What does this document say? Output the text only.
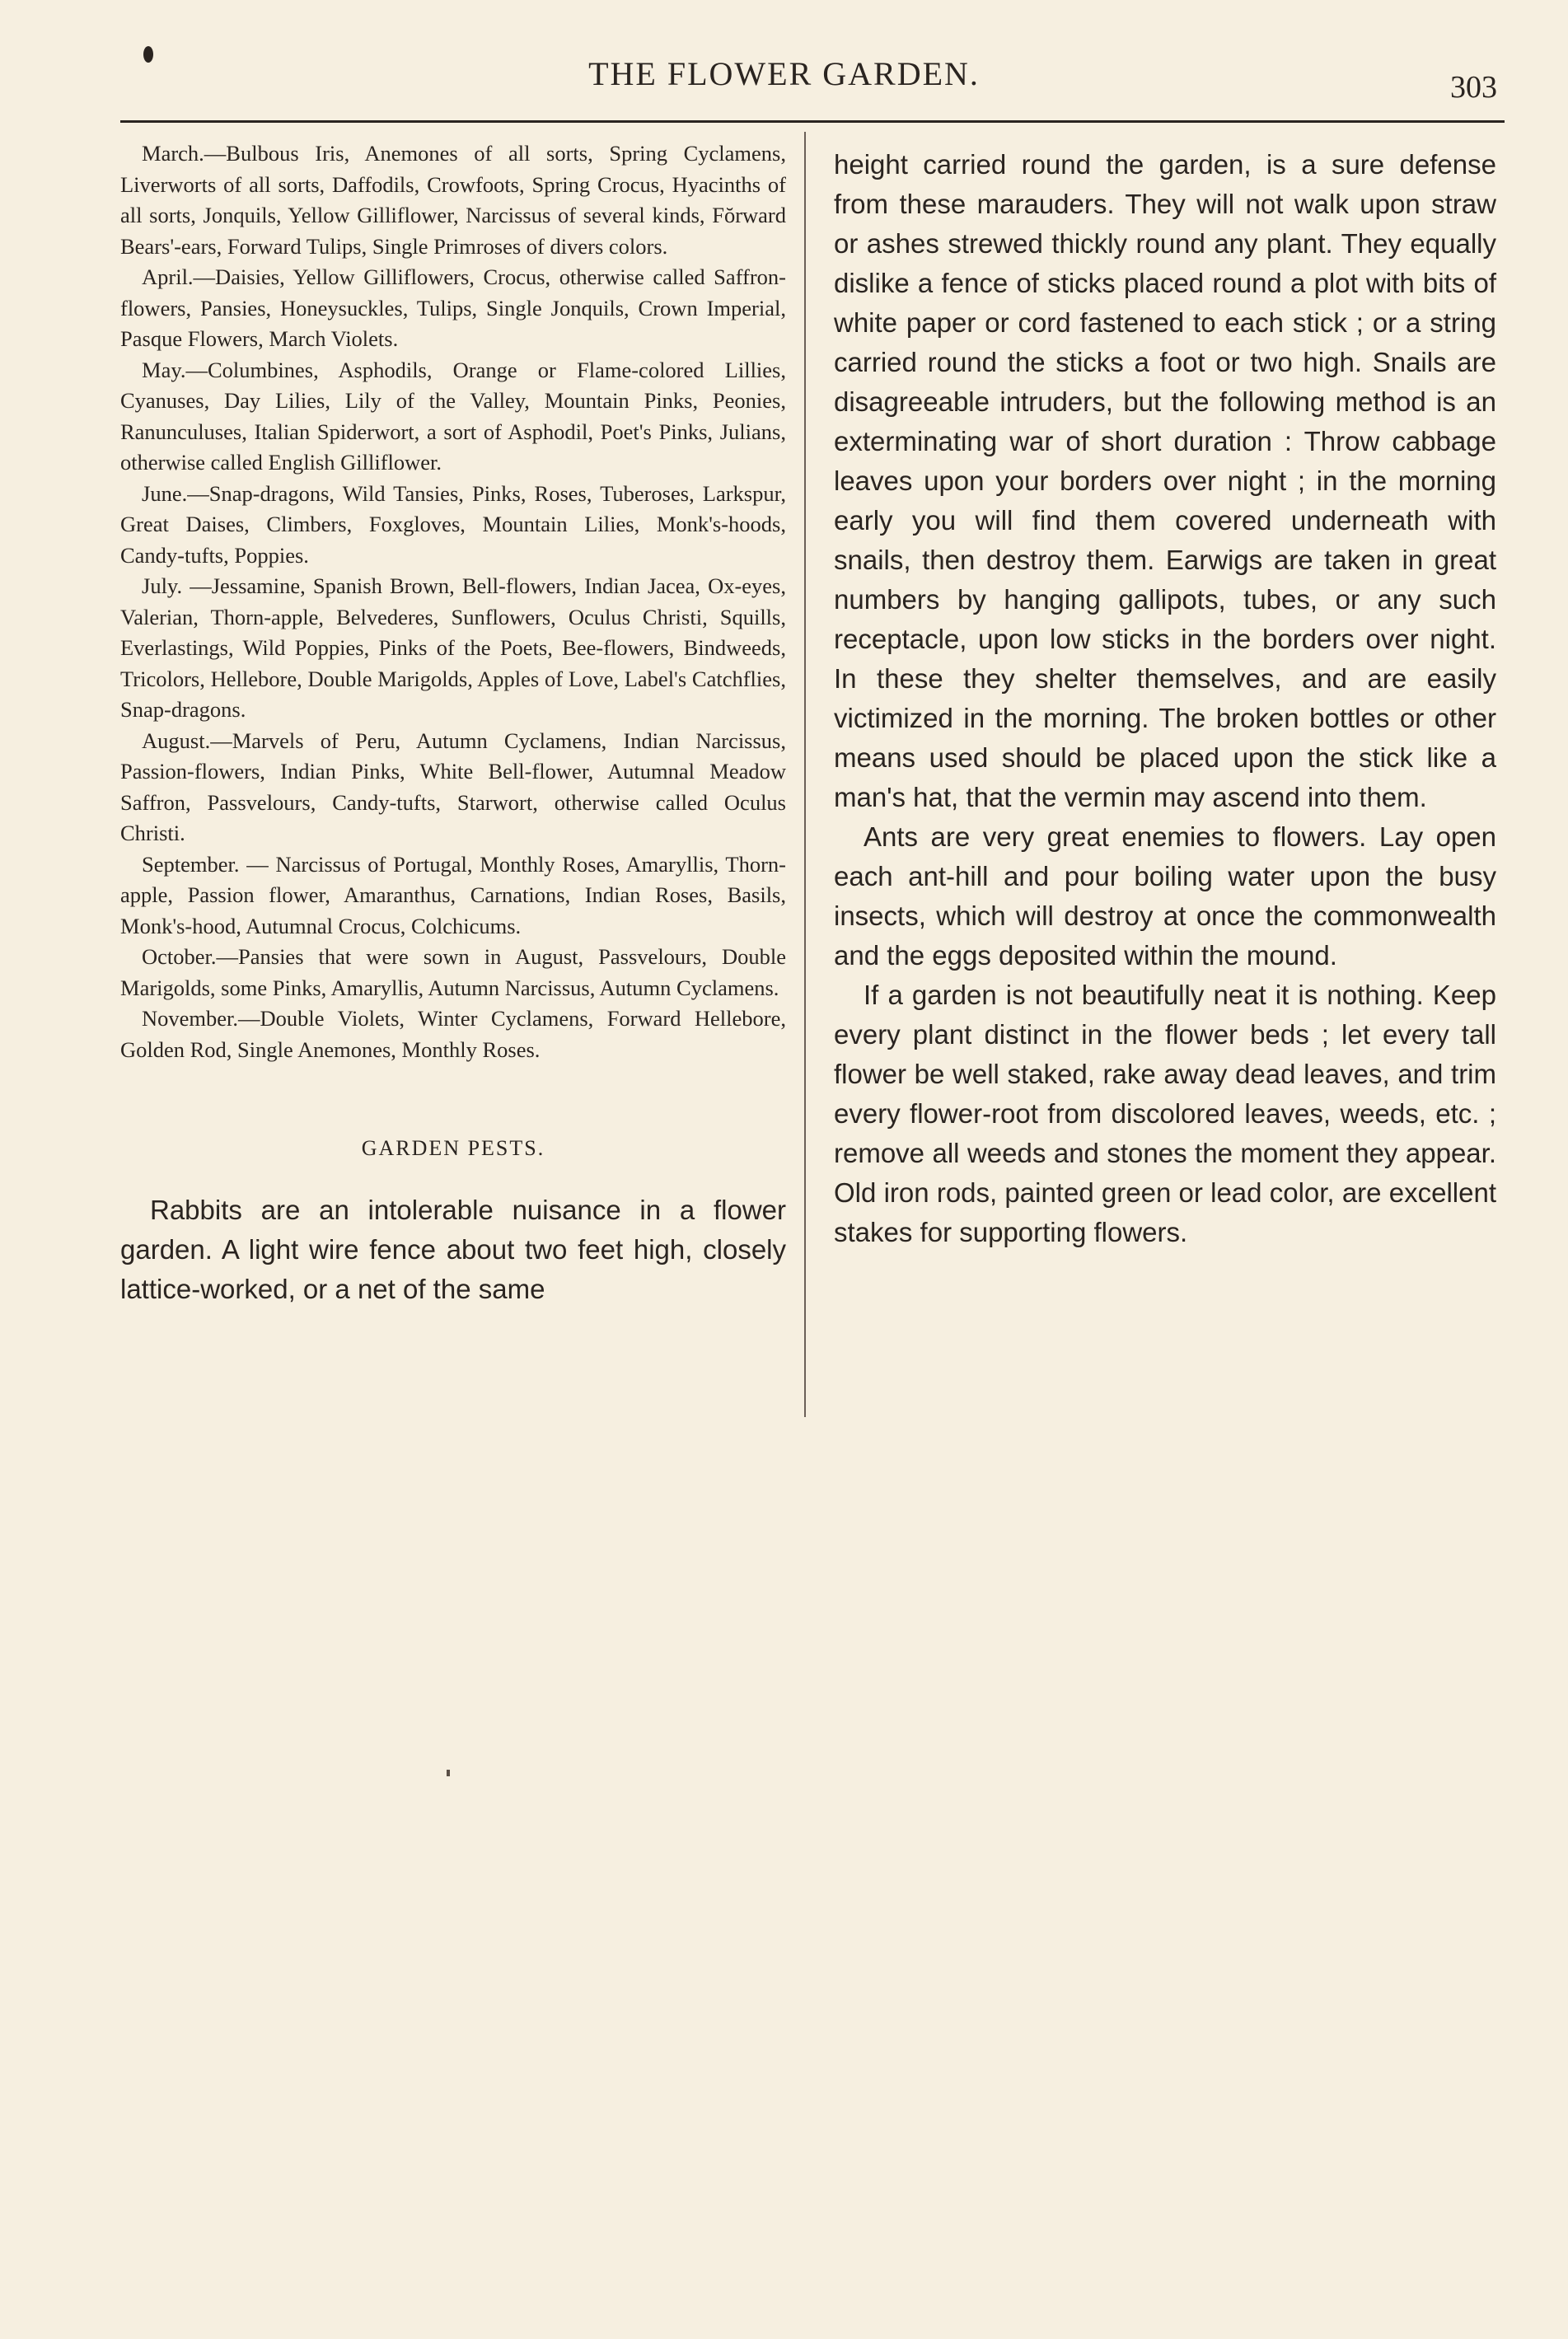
THE FLOWER GARDEN.	303

March.—Bulbous Iris, Anemones of all sorts, Spring Cyclamens, Liverworts of all sorts, Daffodils, Crowfoots, Spring Crocus, Hyacinths of all sorts, Jonquils, Yellow Gilliflower, Narcissus of several kinds, Fŏrward Bears'-ears, Forward Tulips, Single Primroses of divers colors.

April.—Daisies, Yellow Gilliflowers, Crocus, otherwise called Saffron-flowers, Pansies, Honeysuckles, Tulips, Single Jonquils, Crown Imperial, Pasque Flowers, March Violets.

May.—Columbines, Asphodils, Orange or Flame-colored Lillies, Cyanuses, Day Lilies, Lily of the Valley, Mountain Pinks, Peonies, Ranunculuses, Italian Spiderwort, a sort of Asphodil, Poet's Pinks, Julians, otherwise called English Gilliflower.

June.—Snap-dragons, Wild Tansies, Pinks, Roses, Tuberoses, Larkspur, Great Daises, Climbers, Foxgloves, Mountain Lilies, Monk's-hoods, Candy-tufts, Poppies.

July. —Jessamine, Spanish Brown, Bell-flowers, Indian Jacea, Ox-eyes, Valerian, Thorn-apple, Belvederes, Sunflowers, Oculus Christi, Squills, Everlastings, Wild Poppies, Pinks of the Poets, Bee-flowers, Bindweeds, Tricolors, Hellebore, Double Marigolds, Apples of Love, Label's Catchflies, Snap-dragons.

August.—Marvels of Peru, Autumn Cyclamens, Indian Narcissus, Passion-flowers, Indian Pinks, White Bell-flower, Autumnal Meadow Saffron, Passvelours, Candy-tufts, Starwort, otherwise called Oculus Christi.

September. — Narcissus of Portugal, Monthly Roses, Amaryllis, Thorn-apple, Passion flower, Amaranthus, Carnations, Indian Roses, Basils, Monk's-hood, Autumnal Crocus, Colchicums.

October.—Pansies that were sown in August, Passvelours, Double Marigolds, some Pinks, Amaryllis, Autumn Narcissus, Autumn Cyclamens.

November.—Double Violets, Winter Cyclamens, Forward Hellebore, Golden Rod, Single Anemones, Monthly Roses.

GARDEN PESTS.

Rabbits are an intolerable nuisance in a flower garden. A light wire fence about two feet high, closely lattice-worked, or a net of the same

height carried round the garden, is a sure defense from these marauders. They will not walk upon straw or ashes strewed thickly round any plant. They equally dislike a fence of sticks placed round a plot with bits of white paper or cord fastened to each stick ; or a string carried round the sticks a foot or two high. Snails are disagreeable intruders, but the following method is an exterminating war of short duration : Throw cabbage leaves upon your borders over night ; in the morning early you will find them covered underneath with snails, then destroy them. Earwigs are taken in great numbers by hanging gallipots, tubes, or any such receptacle, upon low sticks in the borders over night. In these they shelter themselves, and are easily victimized in the morning. The broken bottles or other means used should be placed upon the stick like a man's hat, that the vermin may ascend into them.

Ants are very great enemies to flowers. Lay open each ant-hill and pour boiling water upon the busy insects, which will destroy at once the commonwealth and the eggs deposited within the mound.

If a garden is not beautifully neat it is nothing. Keep every plant distinct in the flower beds ; let every tall flower be well staked, rake away dead leaves, and trim every flower-root from discolored leaves, weeds, etc. ; remove all weeds and stones the moment they appear. Old iron rods, painted green or lead color, are excellent stakes for supporting flowers.
